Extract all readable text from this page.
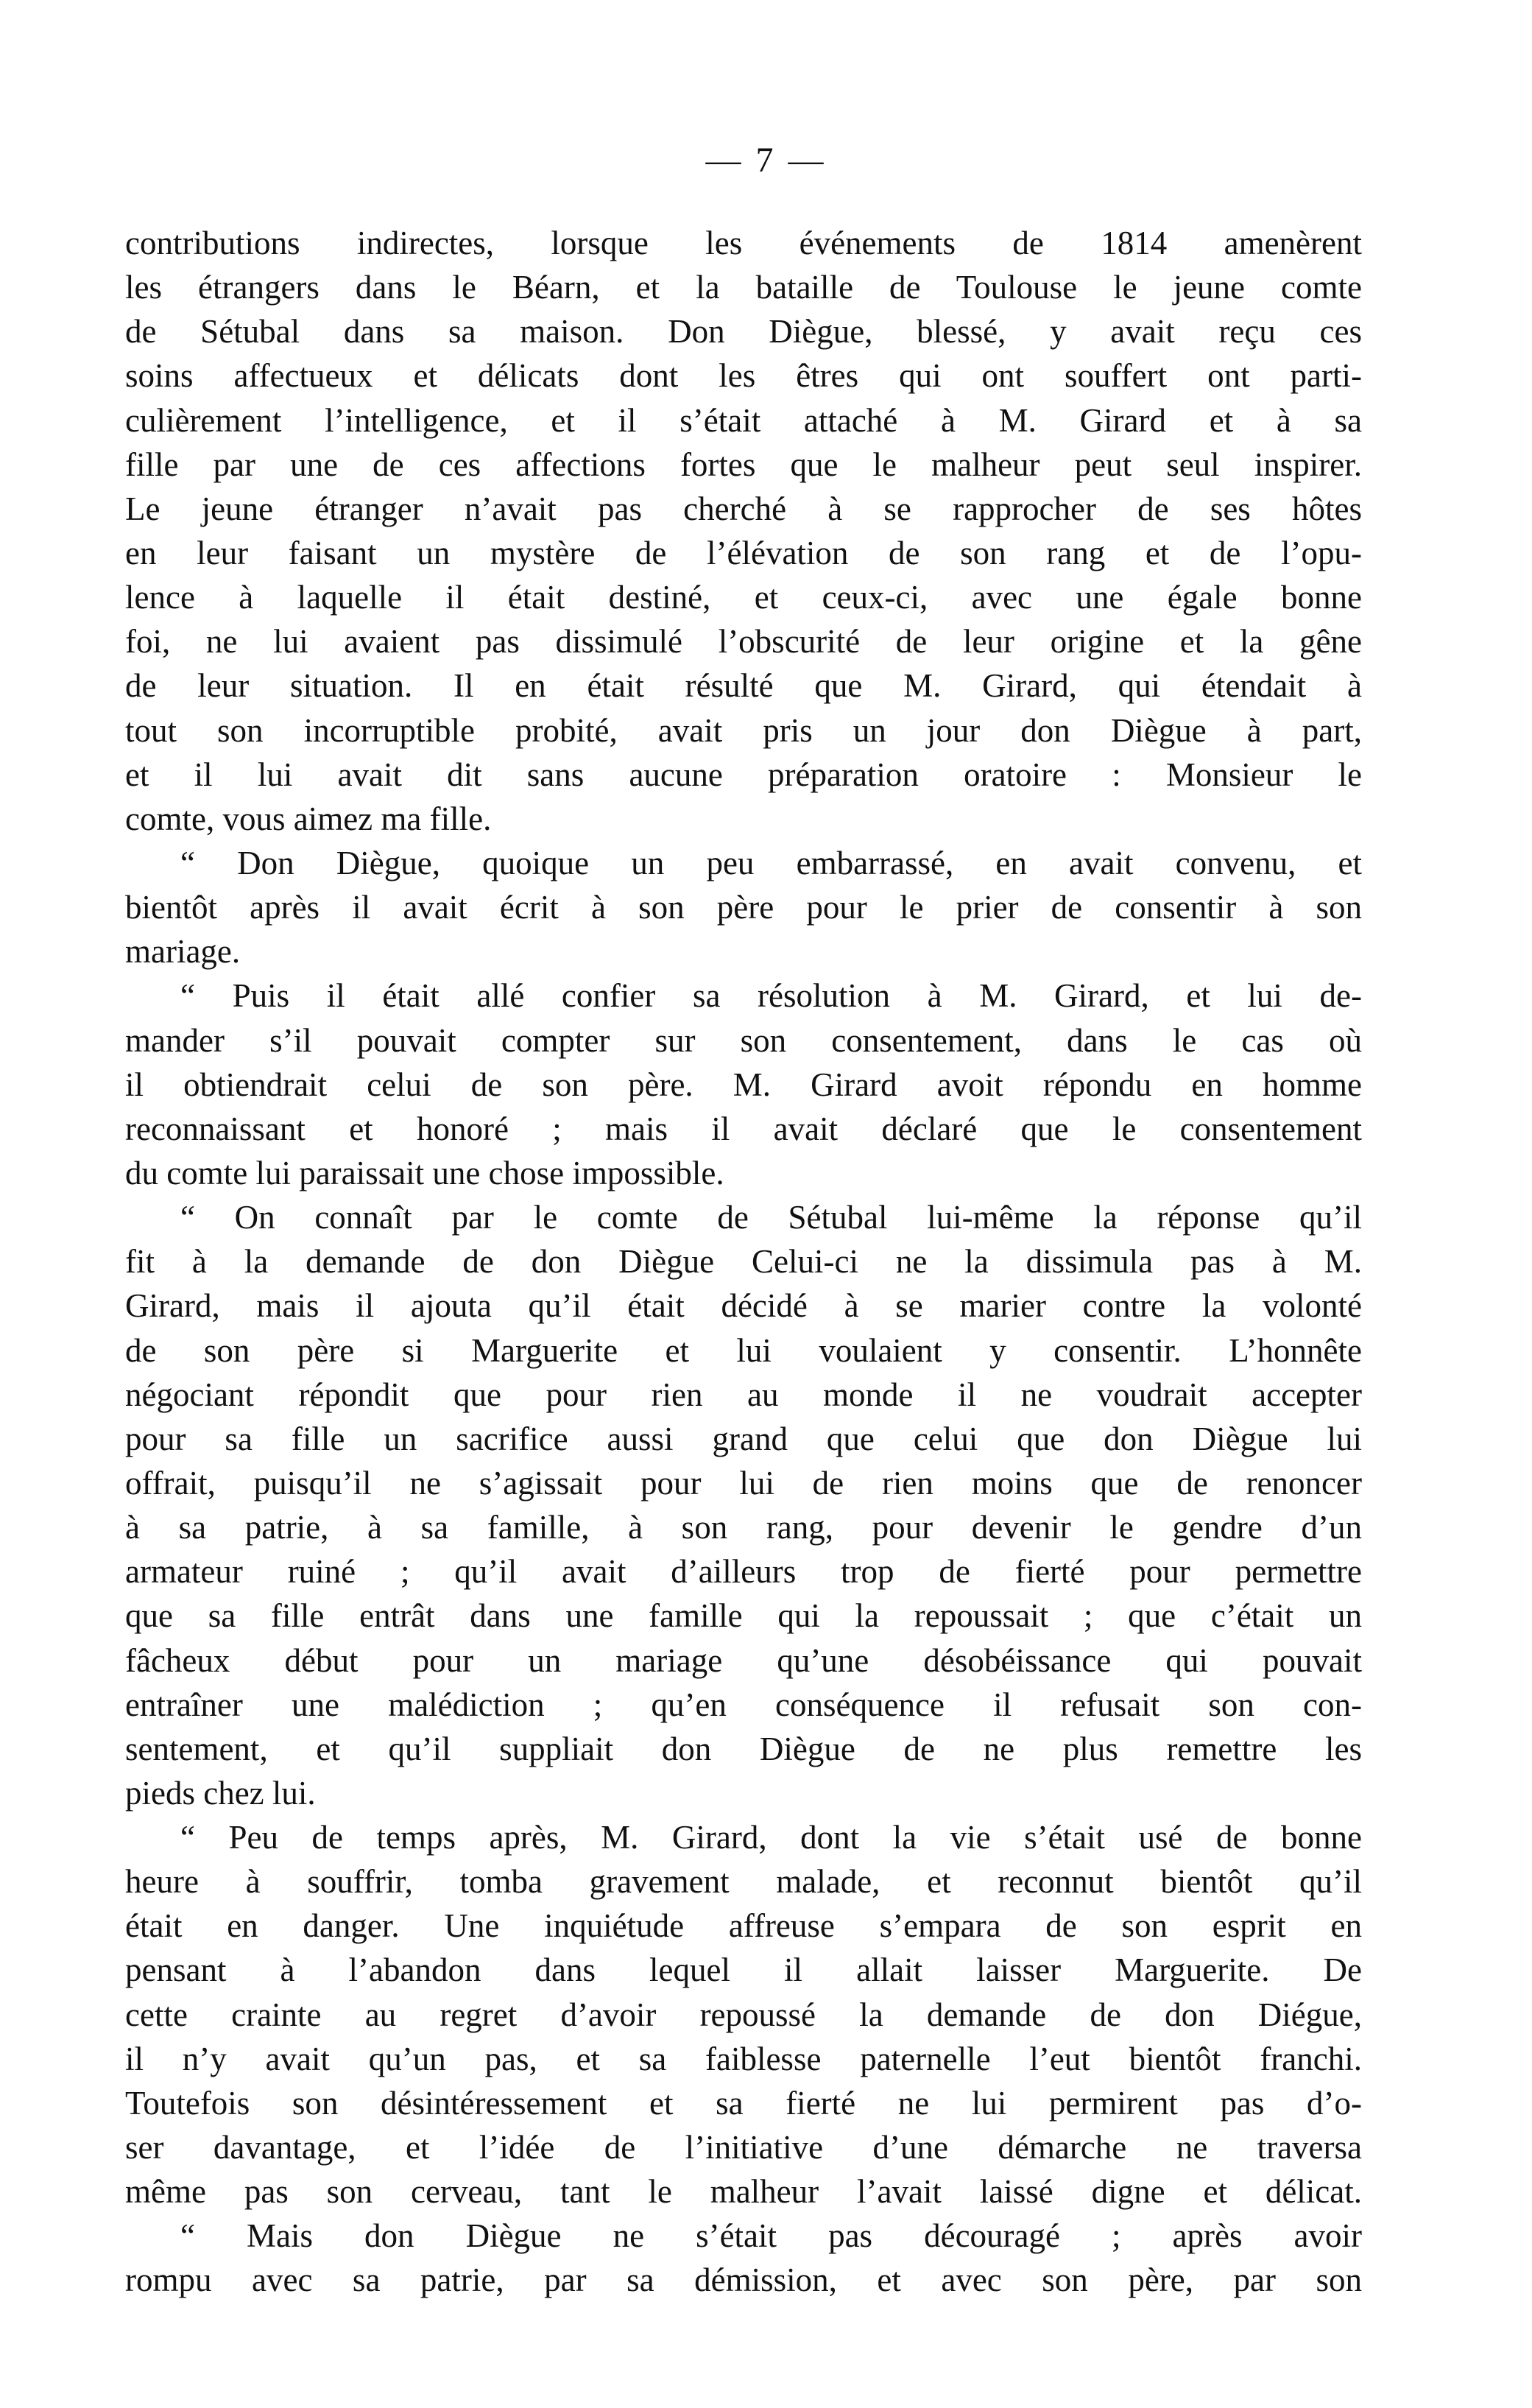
— 7 —
contributions indirectes, lorsque les événements de 1814 amenèrent
les étrangers dans le Béarn, et la bataille de Toulouse le jeune comte
de Sétubal dans sa maison. Don Diègue, blessé, y avait reçu ces
soins affectueux et délicats dont les êtres qui ont souffert ont parti-
culièrement l’intelligence, et il s’était attaché à M. Girard et à sa
fille par une de ces affections fortes que le malheur peut seul inspirer.
Le jeune étranger n’avait pas cherché à se rapprocher de ses hôtes
en leur faisant un mystère de l’élévation de son rang et de l’opu-
lence à laquelle il était destiné, et ceux-ci, avec une égale bonne
foi, ne lui avaient pas dissimulé l’obscurité de leur origine et la gêne
de leur situation. Il en était résulté que M. Girard, qui étendait à
tout son incorruptible probité, avait pris un jour don Diègue à part,
et il lui avait dit sans aucune préparation oratoire : Monsieur le
comte, vous aimez ma fille.
“ Don Diègue, quoique un peu embarrassé, en avait convenu, et
bientôt après il avait écrit à son père pour le prier de consentir à son
mariage.
“ Puis il était allé confier sa résolution à M. Girard, et lui de-
mander s’il pouvait compter sur son consentement, dans le cas où
il obtiendrait celui de son père. M. Girard avoit répondu en homme
reconnaissant et honoré ; mais il avait déclaré que le consentement
du comte lui paraissait une chose impossible.
“ On connaît par le comte de Sétubal lui-même la réponse qu’il
fit à la demande de don Diègue Celui-ci ne la dissimula pas à M.
Girard, mais il ajouta qu’il était décidé à se marier contre la volonté
de son père si Marguerite et lui voulaient y consentir. L’honnête
négociant répondit que pour rien au monde il ne voudrait accepter
pour sa fille un sacrifice aussi grand que celui que don Diègue lui
offrait, puisqu’il ne s’agissait pour lui de rien moins que de renoncer
à sa patrie, à sa famille, à son rang, pour devenir le gendre d’un
armateur ruiné ; qu’il avait d’ailleurs trop de fierté pour permettre
que sa fille entrât dans une famille qui la repoussait ; que c’était un
fâcheux début pour un mariage qu’une désobéissance qui pouvait
entraîner une malédiction ; qu’en conséquence il refusait son con-
sentement, et qu’il suppliait don Diègue de ne plus remettre les
pieds chez lui.
“ Peu de temps après, M. Girard, dont la vie s’était usé de bonne
heure à souffrir, tomba gravement malade, et reconnut bientôt qu’il
était en danger. Une inquiétude affreuse s’empara de son esprit en
pensant à l’abandon dans lequel il allait laisser Marguerite. De
cette crainte au regret d’avoir repoussé la demande de don Diégue,
il n’y avait qu’un pas, et sa faiblesse paternelle l’eut bientôt franchi.
Toutefois son désintéressement et sa fierté ne lui permirent pas d’o-
ser davantage, et l’idée de l’initiative d’une démarche ne traversa
même pas son cerveau, tant le malheur l’avait laissé digne et délicat.
“ Mais don Diègue ne s’était pas découragé ; après avoir
rompu avec sa patrie, par sa démission, et avec son père, par son
